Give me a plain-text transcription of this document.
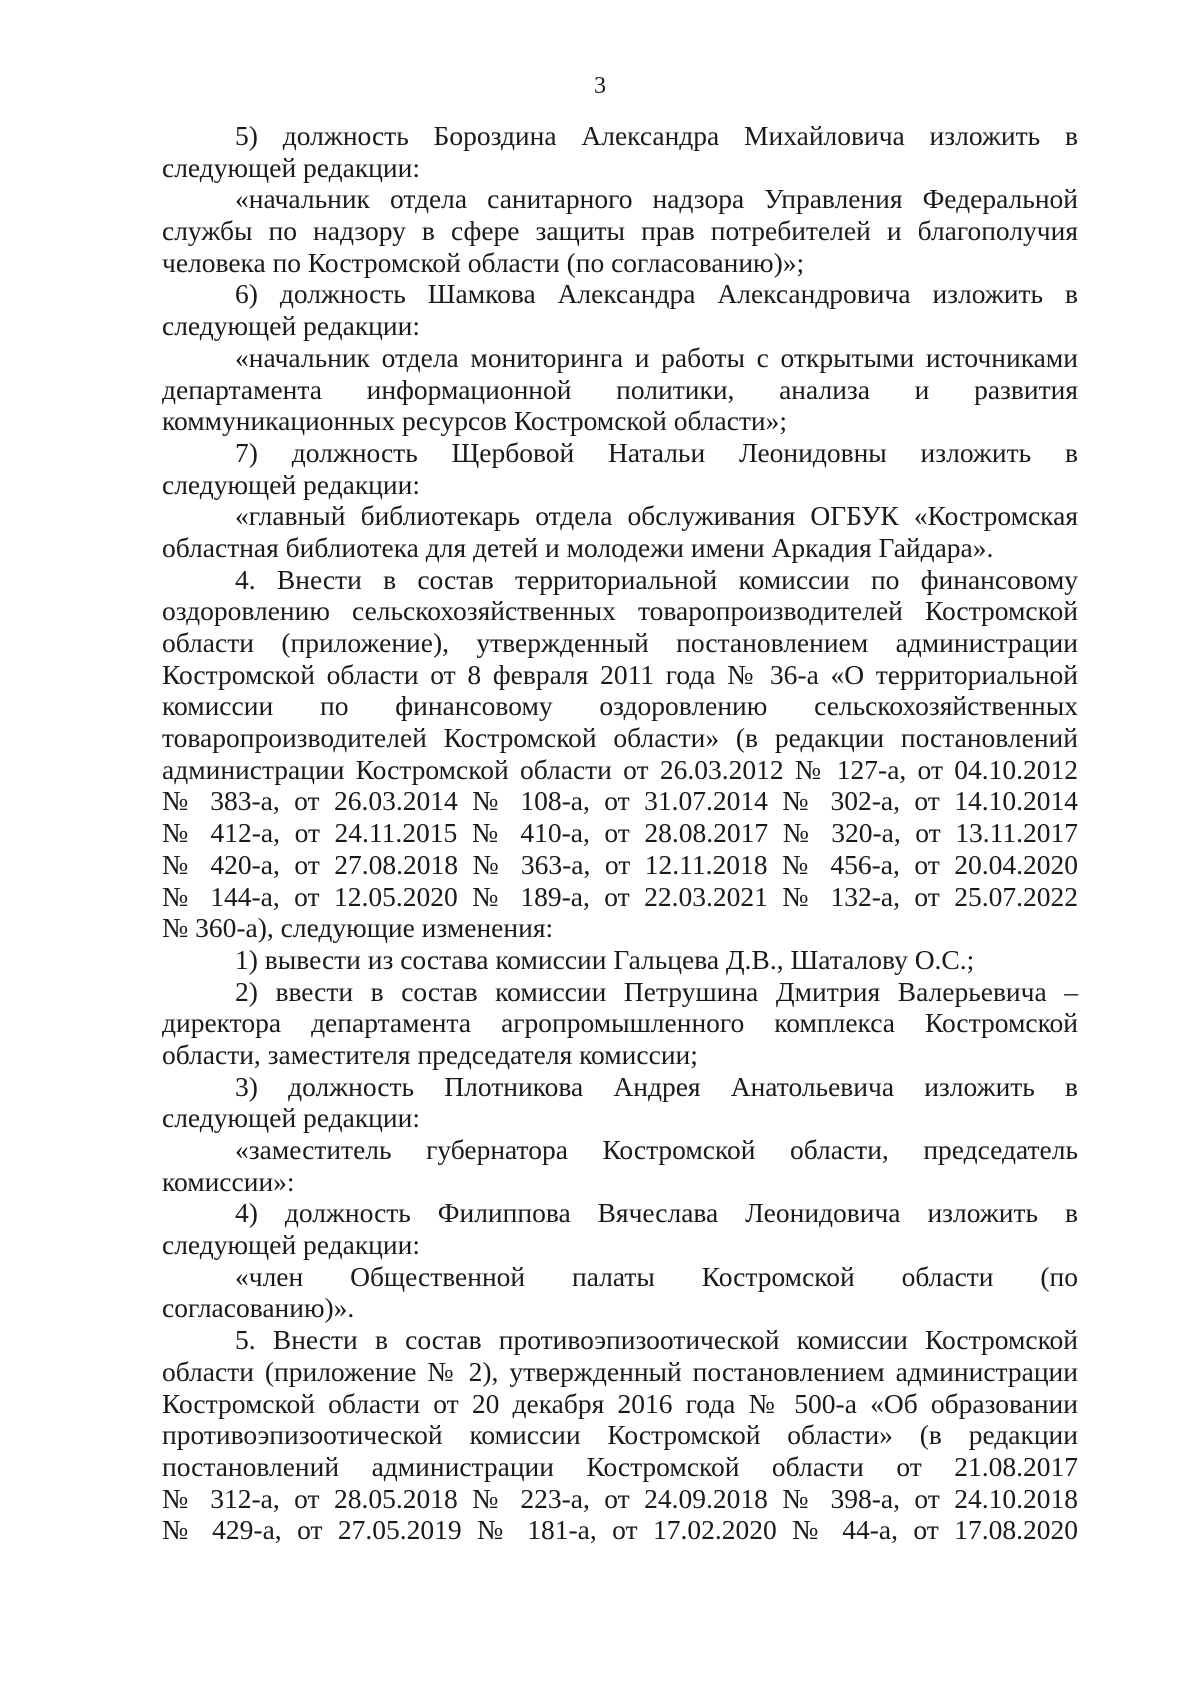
3
5) должность Бороздина Александра Михайловича изложить в
следующей редакции:
«начальник отдела санитарного надзора Управления Федеральной
службы по надзору в сфере защиты прав потребителей и благополучия
человека по Костромской области (по согласованию)»;
6) должность Шамкова Александра Александровича изложить в
следующей редакции:
«начальник отдела мониторинга и работы с открытыми источниками
департамента информационной политики, анализа и развития
коммуникационных ресурсов Костромской области»;
7) должность Щербовой Натальи Леонидовны изложить в
следующей редакции:
«главный библиотекарь отдела обслуживания ОГБУК «Костромская
областная библиотека для детей и молодежи имени Аркадия Гайдара».
4. Внести в состав территориальной комиссии по финансовому
оздоровлению сельскохозяйственных товаропроизводителей Костромской
области (приложение), утвержденный постановлением администрации
Костромской области от 8 февраля 2011 года № 36-а «О территориальной
комиссии по финансовому оздоровлению сельскохозяйственных
товаропроизводителей Костромской области» (в редакции постановлений
администрации Костромской области от 26.03.2012 № 127-а, от 04.10.2012
№ 383-а, от 26.03.2014 № 108-а, от 31.07.2014 № 302-а, от 14.10.2014
№ 412-а, от 24.11.2015 № 410-а, от 28.08.2017 № 320-а, от 13.11.2017
№ 420-а, от 27.08.2018 № 363-а, от 12.11.2018 № 456-а, от 20.04.2020
№ 144-а, от 12.05.2020 № 189-а, от 22.03.2021 № 132-а, от 25.07.2022
№ 360-а), следующие изменения:
1) вывести из состава комиссии Гальцева Д.В., Шаталову О.С.;
2) ввести в состав комиссии Петрушина Дмитрия Валерьевича –
директора департамента агропромышленного комплекса Костромской
области, заместителя председателя комиссии;
3) должность Плотникова Андрея Анатольевича изложить в
следующей редакции:
«заместитель губернатора Костромской области, председатель
комиссии»:
4) должность Филиппова Вячеслава Леонидовича изложить в
следующей редакции:
«член Общественной палаты Костромской области (по
согласованию)».
5. Внести в состав противоэпизоотической комиссии Костромской
области (приложение № 2), утвержденный постановлением администрации
Костромской области от 20 декабря 2016 года № 500-а «Об образовании
противоэпизоотической комиссии Костромской области» (в редакции
постановлений администрации Костромской области от 21.08.2017
№ 312-а, от 28.05.2018 № 223-а, от 24.09.2018 № 398-а, от 24.10.2018
№ 429-а, от 27.05.2019 № 181-а, от 17.02.2020 № 44-а, от 17.08.2020
